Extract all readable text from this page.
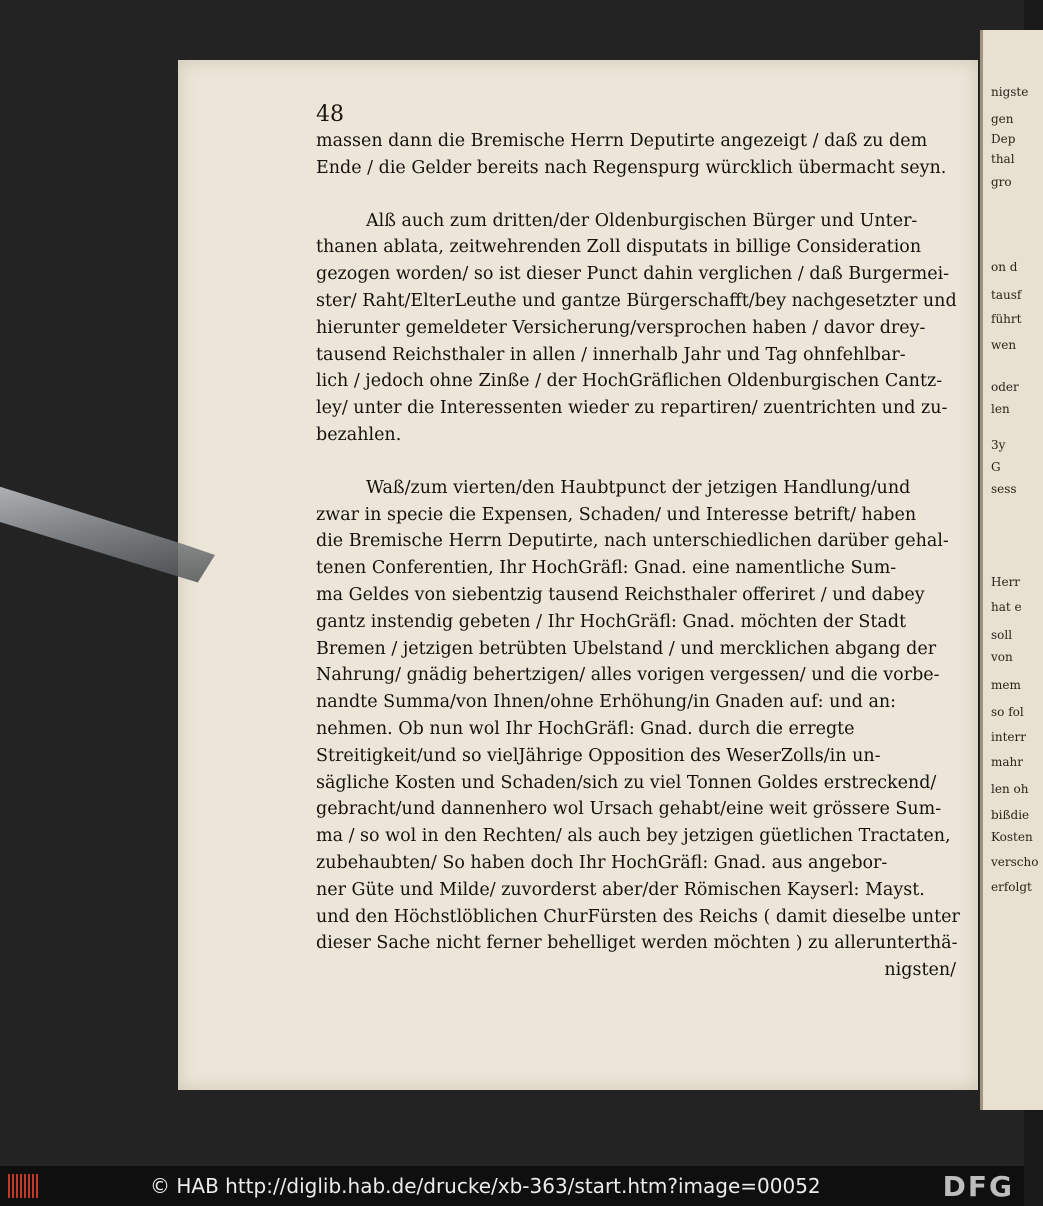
nigste
gen
Dep
thal
gro
on d
tausf
führt
wen
oder
len
3y
G
sess
Herr
hat e
soll
von
mem
so fol
interr
mahr
len oh
bißdie
Kosten
verscho
erfolgt
48
massen dann die Bremische Herrn Deputirte angezeigt / daß zu dem
Ende / die Gelder bereits nach Regenspurg würcklich übermacht seyn.
Alß auch zum dritten/der Oldenburgischen Bürger und Unter-
thanen ablata, zeitwehrenden Zoll disputats in billige Consideration
gezogen worden/ so ist dieser Punct dahin verglichen / daß Burgermei-
ster/ Raht/ElterLeuthe und gantze Bürgerschafft/bey nachgesetzter und
hierunter gemeldeter Versicherung/versprochen haben / davor drey-
tausend Reichsthaler in allen / innerhalb Jahr und Tag ohnfehlbar-
lich / jedoch ohne Zinße / der HochGräflichen Oldenburgischen Cantz-
ley/ unter die Interessenten wieder zu repartiren/ zuentrichten und zu-
bezahlen.
Waß/zum vierten/den Haubtpunct der jetzigen Handlung/und
zwar in specie die Expensen, Schaden/ und Interesse betrift/ haben
die Bremische Herrn Deputirte, nach unterschiedlichen darüber gehal-
tenen Conferentien, Ihr HochGräfl: Gnad. eine namentliche Sum-
ma Geldes von siebentzig tausend Reichsthaler offeriret / und dabey
gantz instendig gebeten / Ihr HochGräfl: Gnad. möchten der Stadt
Bremen / jetzigen betrübten Ubelstand / und mercklichen abgang der
Nahrung/ gnädig behertzigen/ alles vorigen vergessen/ und die vorbe-
nandte Summa/von Ihnen/ohne Erhöhung/in Gnaden auf: und an:
nehmen. Ob nun wol Ihr HochGräfl: Gnad. durch die erregte
Streitigkeit/und so vielJährige Opposition des WeserZolls/in un-
sägliche Kosten und Schaden/sich zu viel Tonnen Goldes erstreckend/
gebracht/und dannenhero wol Ursach gehabt/eine weit grössere Sum-
ma / so wol in den Rechten/ als auch bey jetzigen güetlichen Tractaten,
zubehaubten/ So haben doch Ihr HochGräfl: Gnad. aus angebor-
ner Güte und Milde/ zuvorderst aber/der Römischen Kayserl: Mayst.
und den Höchstlöblichen ChurFürsten des Reichs ( damit dieselbe unter
dieser Sache nicht ferner behelliget werden möchten ) zu allerunterthä-
nigsten/
© HAB http://diglib.hab.de/drucke/xb-363/start.htm?image=00052	DFG
